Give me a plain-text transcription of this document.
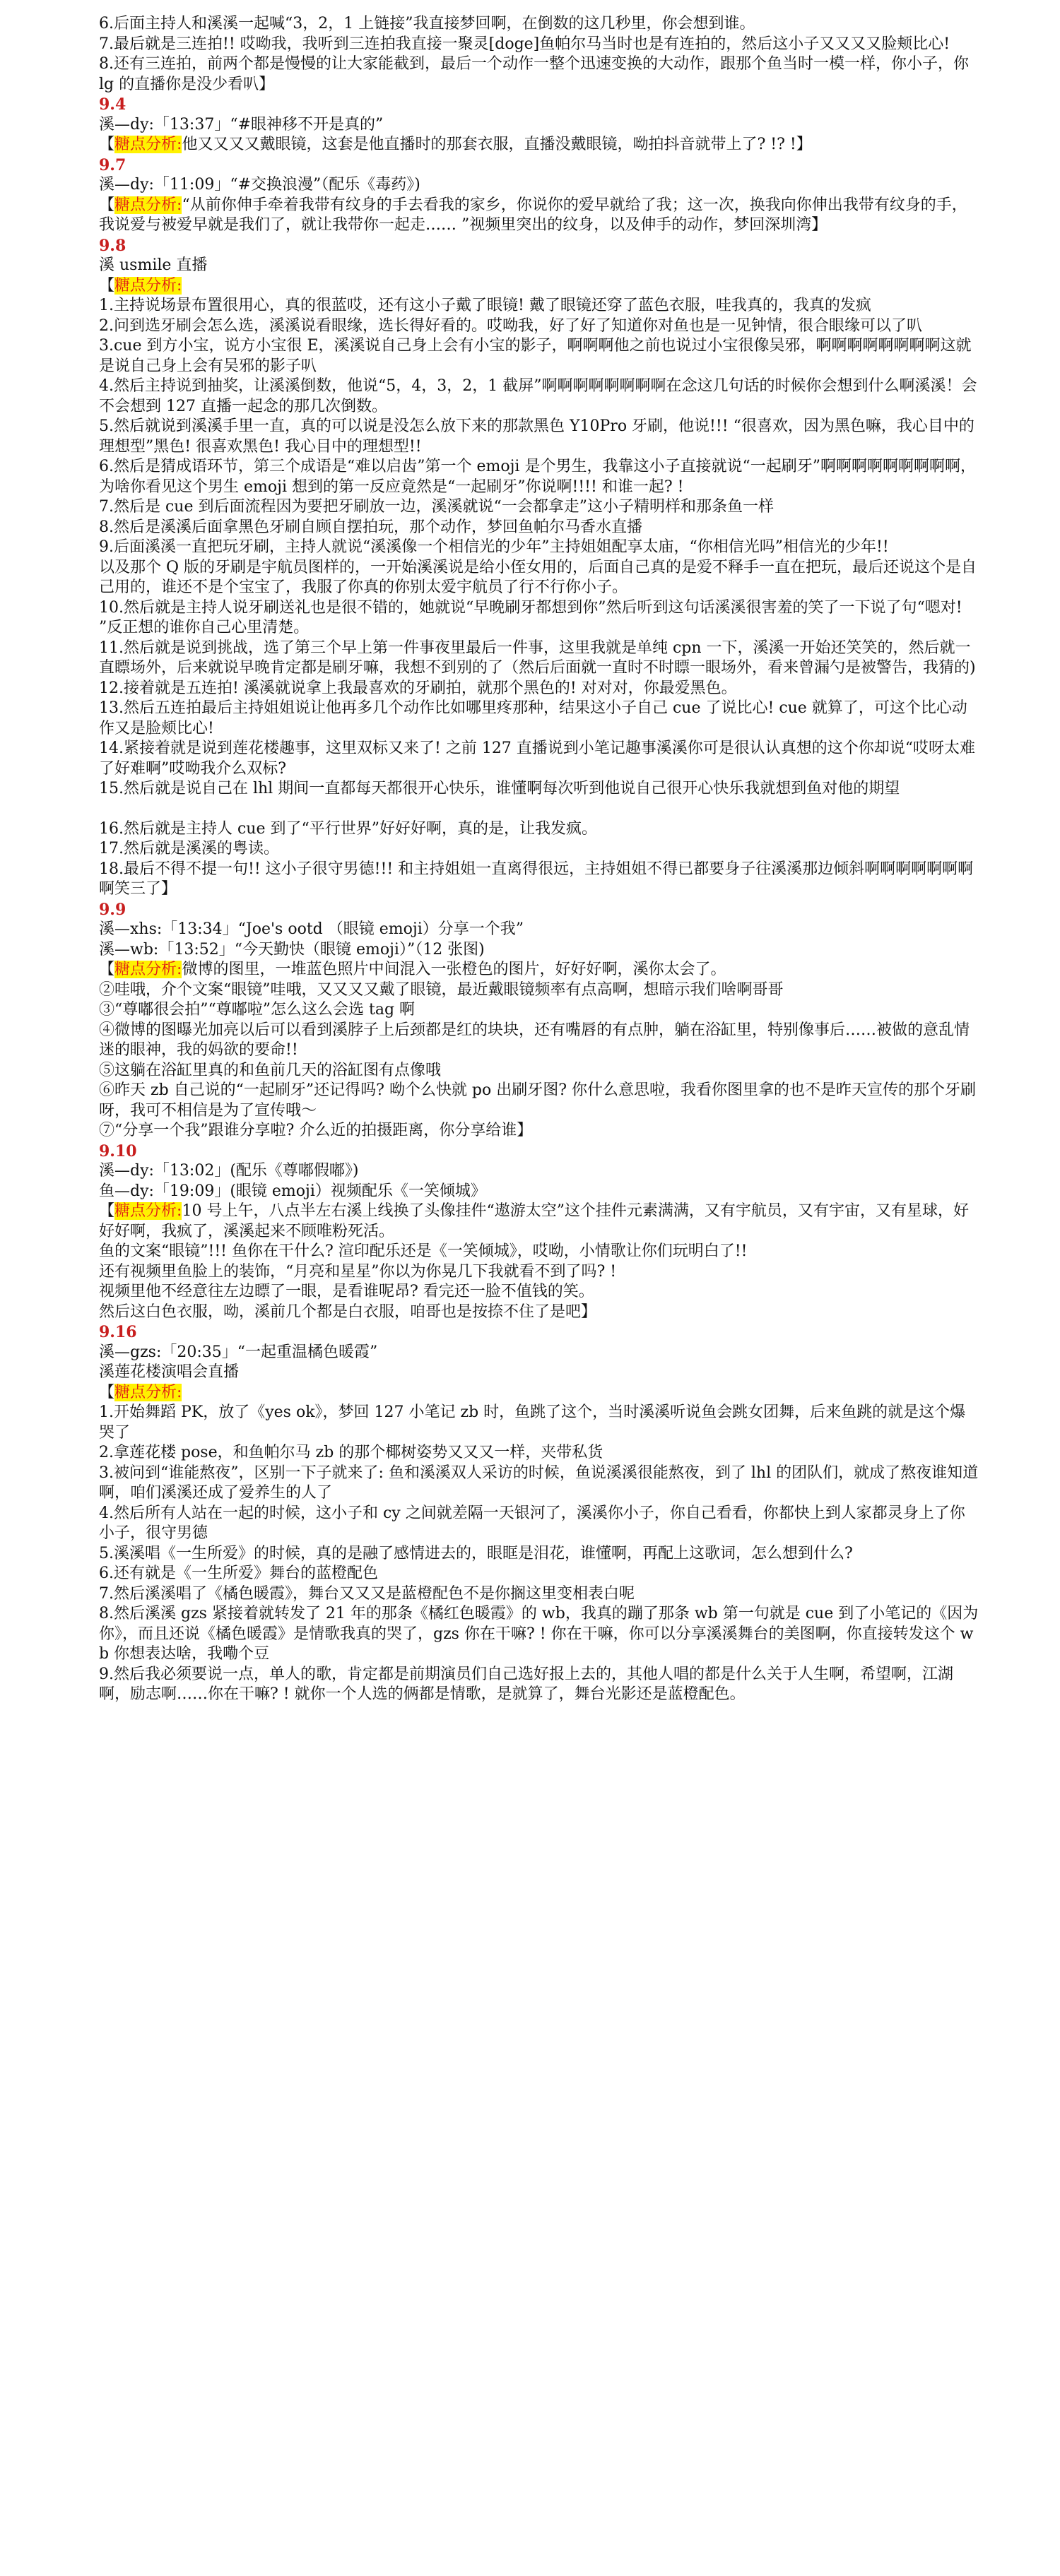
6.后面主持人和溪溪一起喊“3，2，1 上链接”我直接梦回啊，在倒数的这几秒里，你会想到谁。
7.最后就是三连拍!! 哎呦我，我听到三连拍我直接一聚灵[doge]鱼帕尔马当时也是有连拍的，然后这小子又又又又脸颊比心!
8.还有三连拍，前两个都是慢慢的让大家能截到，最后一个动作一整个迅速变换的大动作，跟那个鱼当时一模一样，你小子，你 lg 的直播你是没少看叭】
9.4
溪—dy:「13:37」“#眼神移不开是真的”
【糖点分析:他又又又又戴眼镜，这套是他直播时的那套衣服，直播没戴眼镜，呦拍抖音就带上了? !? !】
9.7
溪—dy:「11:09」“#交换浪漫”（配乐《毒药》)
【糖点分析:“从前你伸手牵着我带有纹身的手去看我的家乡，你说你的爱早就给了我；这一次，换我向你伸出我带有纹身的手，我说爱与被爱早就是我们了，就让我带你一起走…… ”视频里突出的纹身，以及伸手的动作，梦回深圳湾】
9.8
溪 usmile 直播
【糖点分析:
1.主持说场景布置很用心，真的很蓝哎，还有这小子戴了眼镜! 戴了眼镜还穿了蓝色衣服，哇我真的，我真的发疯
2.问到选牙刷会怎么选，溪溪说看眼缘，选长得好看的。哎呦我，好了好了知道你对鱼也是一见钟情，很合眼缘可以了叭
3.cue 到方小宝，说方小宝很 E，溪溪说自己身上会有小宝的影子，啊啊啊他之前也说过小宝很像吴邪，啊啊啊啊啊啊啊啊这就是说自己身上会有吴邪的影子叭
4.然后主持说到抽奖，让溪溪倒数，他说“5，4，3，2，1 截屏”啊啊啊啊啊啊啊啊在念这几句话的时候你会想到什么啊溪溪！会不会想到 127 直播一起念的那几次倒数。
5.然后就说到溪溪手里一直，真的可以说是没怎么放下来的那款黑色 Y10Pro 牙刷，他说!!! “很喜欢，因为黑色嘛，我心目中的理想型”黑色! 很喜欢黑色! 我心目中的理想型!!
6.然后是猜成语环节，第三个成语是“难以启齿”第一个 emoji 是个男生，我靠这小子直接就说“一起刷牙”啊啊啊啊啊啊啊啊啊，为啥你看见这个男生 emoji 想到的第一反应竟然是“一起刷牙”你说啊!!!! 和谁一起? !
7.然后是 cue 到后面流程因为要把牙刷放一边，溪溪就说“一会都拿走”这小子精明样和那条鱼一样
8.然后是溪溪后面拿黑色牙刷自顾自摆拍玩，那个动作，梦回鱼帕尔马香水直播
9.后面溪溪一直把玩牙刷，主持人就说“溪溪像一个相信光的少年”主持姐姐配享太庙，“你相信光吗”相信光的少年!!
以及那个 Q 版的牙刷是宇航员图样的，一开始溪溪说是给小侄女用的，后面自己真的是爱不释手一直在把玩，最后还说这个是自己用的，谁还不是个宝宝了，我服了你真的你别太爱宇航员了行不行你小子。
10.然后就是主持人说牙刷送礼也是很不错的，她就说“早晚刷牙都想到你”然后听到这句话溪溪很害羞的笑了一下说了句“嗯对! ”反正想的谁你自己心里清楚。
11.然后就是说到挑战，选了第三个早上第一件事夜里最后一件事，这里我就是单纯 cpn 一下，溪溪一开始还笑笑的，然后就一直瞟场外，后来就说早晚肯定都是刷牙嘛，我想不到别的了（然后后面就一直时不时瞟一眼场外，看来曾漏勺是被警告，我猜的)
12.接着就是五连拍! 溪溪就说拿上我最喜欢的牙刷拍，就那个黑色的! 对对对，你最爱黑色。
13.然后五连拍最后主持姐姐说让他再多几个动作比如哪里疼那种，结果这小子自己 cue 了说比心! cue 就算了，可这个比心动作又是脸颊比心!
14.紧接着就是说到莲花楼趣事，这里双标又来了! 之前 127 直播说到小笔记趣事溪溪你可是很认认真想的这个你却说“哎呀太难了好难啊”哎呦我介么双标?
15.然后就是说自己在 lhl 期间一直都每天都很开心快乐，谁懂啊每次听到他说自己很开心快乐我就想到鱼对他的期望
16.然后就是主持人 cue 到了“平行世界”好好好啊，真的是，让我发疯。
17.然后就是溪溪的粤读。
18.最后不得不提一句!! 这小子很守男德!!! 和主持姐姐一直离得很远，主持姐姐不得已都要身子往溪溪那边倾斜啊啊啊啊啊啊啊啊笑三了】
9.9
溪—xhs:「13:34」“Joe's ootd （眼镜 emoji）分享一个我”
溪—wb:「13:52」“今天勤快（眼镜 emoji）”（12 张图)
【糖点分析:微博的图里，一堆蓝色照片中间混入一张橙色的图片，好好好啊，溪你太会了。
②哇哦，介个文案“眼镜”哇哦，又又又又戴了眼镜，最近戴眼镜频率有点高啊，想暗示我们啥啊哥哥
③“尊嘟很会拍”“尊嘟啦”怎么这么会选 tag 啊
④微博的图曝光加亮以后可以看到溪脖子上后颈都是红的块块，还有嘴唇的有点肿，躺在浴缸里，特别像事后……被做的意乱情迷的眼神，我的妈欲的要命!!
⑤这躺在浴缸里真的和鱼前几天的浴缸图有点像哦
⑥昨天 zb 自己说的“一起刷牙”还记得吗? 呦个么快就 po 出刷牙图? 你什么意思啦，我看你图里拿的也不是昨天宣传的那个牙刷呀，我可不相信是为了宣传哦～
⑦“分享一个我”跟谁分享啦? 介么近的拍摄距离，你分享给谁】
9.10
溪—dy:「13:02」(配乐《尊嘟假嘟》)
鱼—dy:「19:09」(眼镜 emoji）视频配乐《一笑倾城》
【糖点分析:10 号上午，八点半左右溪上线换了头像挂件“遨游太空”这个挂件元素满满，又有宇航员，又有宇宙，又有星球，好好好啊，我疯了，溪溪起来不顾唯粉死活。
鱼的文案“眼镜”!!! 鱼你在干什么? 渲印配乐还是《一笑倾城》，哎呦，小情歌让你们玩明白了!!
还有视频里鱼脸上的装饰，“月亮和星星”你以为你晃几下我就看不到了吗? !
视频里他不经意往左边瞟了一眼，是看谁呢昂? 看完还一脸不值钱的笑。
然后这白色衣服，呦，溪前几个都是白衣服，咱哥也是按捺不住了是吧】
9.16
溪—gzs:「20:35」“一起重温橘色暖霞”
溪莲花楼演唱会直播
【糖点分析:
1.开始舞蹈 PK，放了《yes ok》，梦回 127 小笔记 zb 时，鱼跳了这个，当时溪溪听说鱼会跳女团舞，后来鱼跳的就是这个爆哭了
2.拿莲花楼 pose，和鱼帕尔马 zb 的那个椰树姿势又又又一样，夹带私货
3.被问到“谁能熬夜”，区别一下子就来了: 鱼和溪溪双人采访的时候，鱼说溪溪很能熬夜，到了 lhl 的团队们，就成了熬夜谁知道啊，咱们溪溪还成了爱养生的人了
4.然后所有人站在一起的时候，这小子和 cy 之间就差隔一天银河了，溪溪你小子，你自己看看，你都快上到人家都灵身上了你小子，很守男德
5.溪溪唱《一生所爱》的时候，真的是融了感情进去的，眼眶是泪花，谁懂啊，再配上这歌词，怎么想到什么?
6.还有就是《一生所爱》舞台的蓝橙配色
7.然后溪溪唱了《橘色暖霞》，舞台又又又是蓝橙配色不是你搁这里变相表白呢
8.然后溪溪 gzs 紧接着就转发了 21 年的那条《橘红色暖霞》的 wb，我真的蹦了那条 wb 第一句就是 cue 到了小笔记的《因为你》，而且还说《橘色暖霞》是情歌我真的哭了，gzs 你在干嘛? ! 你在干嘛，你可以分享溪溪舞台的美图啊，你直接转发这个 wb 你想表达啥，我嘞个豆
9.然后我必须要说一点，单人的歌，肯定都是前期演员们自己选好报上去的，其他人唱的都是什么关于人生啊，希望啊，江湖啊，励志啊……你在干嘛? ! 就你一个人选的俩都是情歌，是就算了，舞台光影还是蓝橙配色。
